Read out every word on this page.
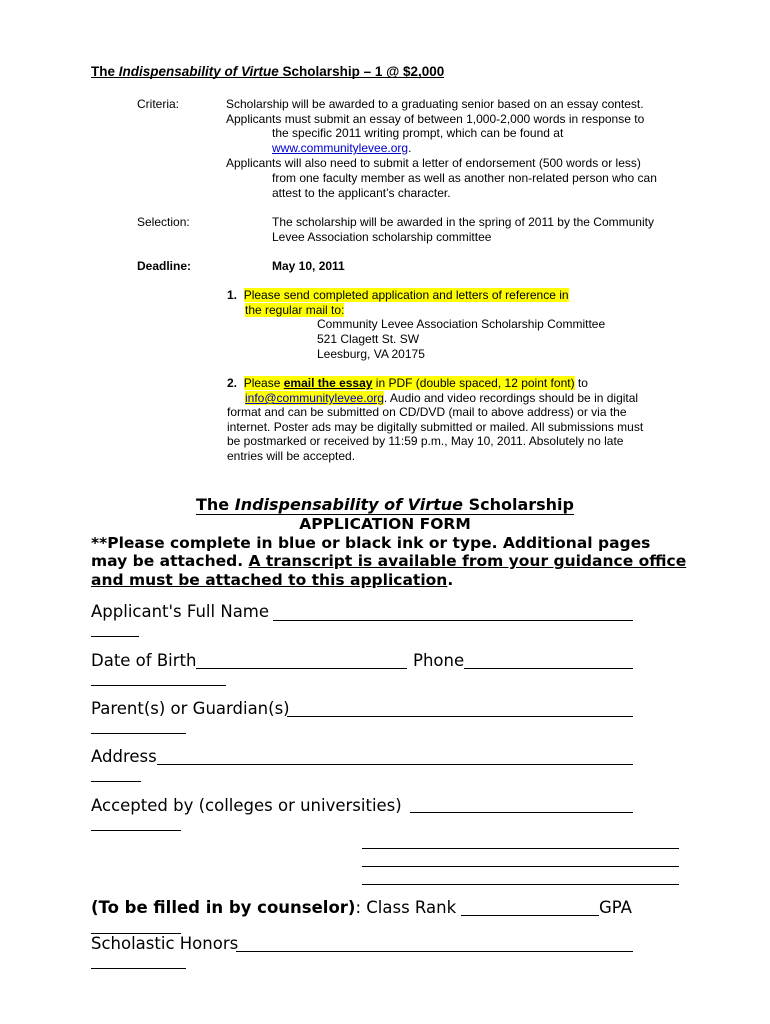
The Indispensability of Virtue Scholarship – 1 @ $2,000
Criteria:	Scholarship will be awarded to a graduating senior based on an essay contest.
Applicants must submit an essay of between 1,000-2,000 words in response to
the specific 2011 writing prompt, which can be found at
www.communitylevee.org.
Applicants will also need to submit a letter of endorsement (500 words or less)
from one faculty member as well as another non-related person who can
attest to the applicant’s character.
Selection:	The scholarship will be awarded in the spring of 2011 by the Community
Levee Association scholarship committee
Deadline:	May 10, 2011
1. Please send completed application and letters of reference in
the regular mail to:
Community Levee Association Scholarship Committee
521 Clagett St. SW
Leesburg, VA 20175
2. Please email the essay in PDF (double spaced, 12 point font) to
info@communitylevee.org. Audio and video recordings should be in digital
format and can be submitted on CD/DVD (mail to above address) or via the
internet. Poster ads may be digitally submitted or mailed. All submissions must
be postmarked or received by 11:59 p.m., May 10, 2011. Absolutely no late
entries will be accepted.
The Indispensability of Virtue Scholarship
APPLICATION FORM
**Please complete in blue or black ink or type. Additional pages
may be attached. A transcript is available from your guidance office
and must be attached to this application.
Applicant's Full Name
Date of Birth	Phone
Parent(s) or Guardian(s)
Address
Accepted by (colleges or universities)
(To be filled in by counselor): Class Rank	GPA
Scholastic Honors
